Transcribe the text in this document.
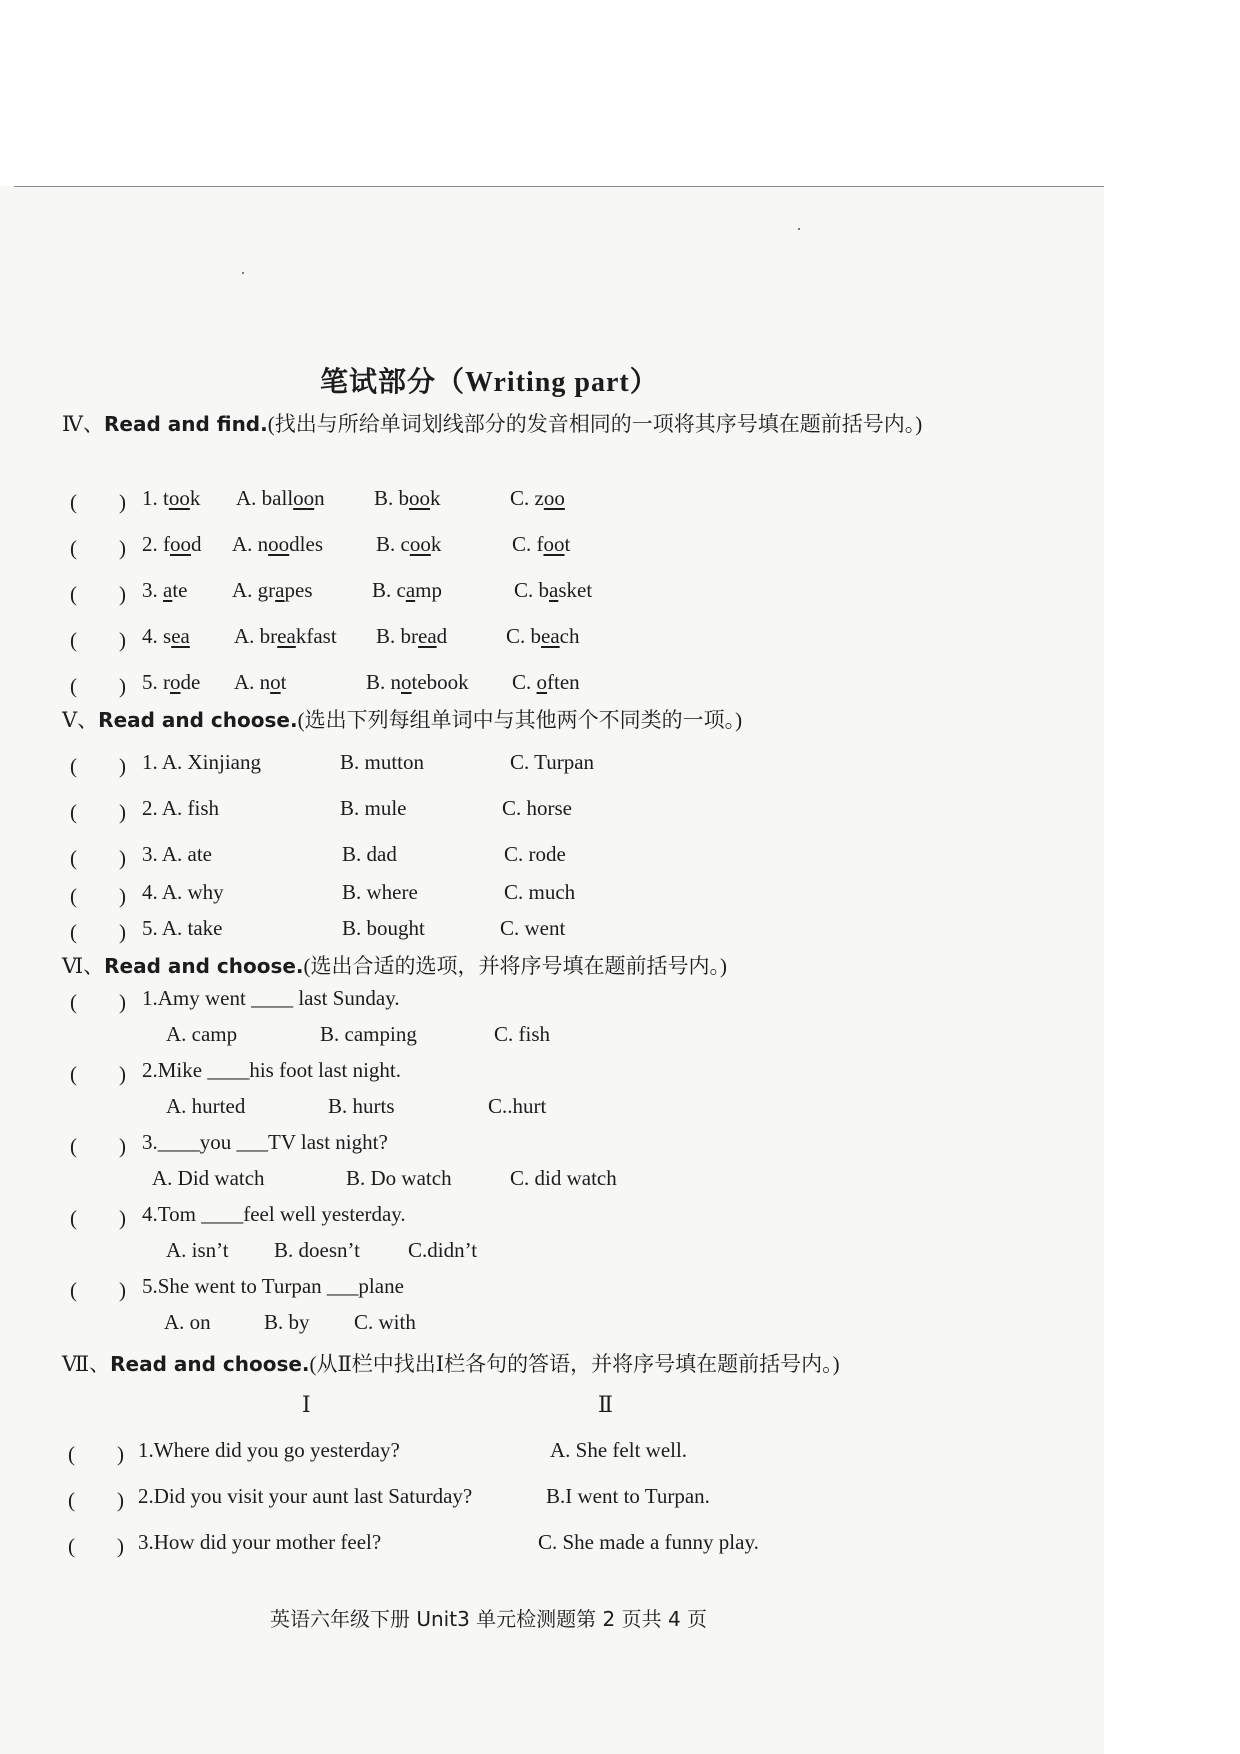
笔试部分（Writing part）
Ⅳ、Read and find.(找出与所给单词划线部分的发音相同的一项将其序号填在题前括号内。)
(　　) 1. took A. balloon B. book	C. zoo
(　　) 2. food A. noodles	B. cook	C. foot
(　　) 3. ate A. grapes	B. camp	C. basket
(　　) 4. sea A. breakfast B. bread	C. beach
(　　) 5. rode A. not	B. notebook C. often
Ⅴ、Read and choose.(选出下列每组单词中与其他两个不同类的一项。)
(　　) 1. A. Xinjiang	B. mutton	C. Turpan
(　　) 2. A. fish	B. mule	C. horse
(　　) 3. A. ate	B. dad	C. rode
(　　) 4. A. why	B. where	C. much
(　　) 5. A. take	B. bought	C. went
Ⅵ、Read and choose.(选出合适的选项，并将序号填在题前括号内。)
(　　) 1.Amy went ____ last Sunday.
A. camp	B. camping	C. fish
(　　) 2.Mike ____his foot last night.
A. hurted	B. hurts	C..hurt
(　　) 3.____you ___TV last night?
A. Did watch	B. Do watch	C. did watch
(　　) 4.Tom ____feel well yesterday.
A. isn’t B. doesn’t C.didn’t
(　　) 5.She went to Turpan ___plane
A. on	B. by C. with
Ⅶ、Read and choose.(从Ⅱ栏中找出Ⅰ栏各句的答语，并将序号填在题前括号内。)
Ⅰ	Ⅱ
(　　) 1.Where did you go yesterday?	A. She felt well.
(　　) 2.Did you visit your aunt last Saturday?	B.I went to Turpan.
(　　) 3.How did your mother feel?	C. She made a funny play.
英语六年级下册 Unit3 单元检测题第 2 页共 4 页
